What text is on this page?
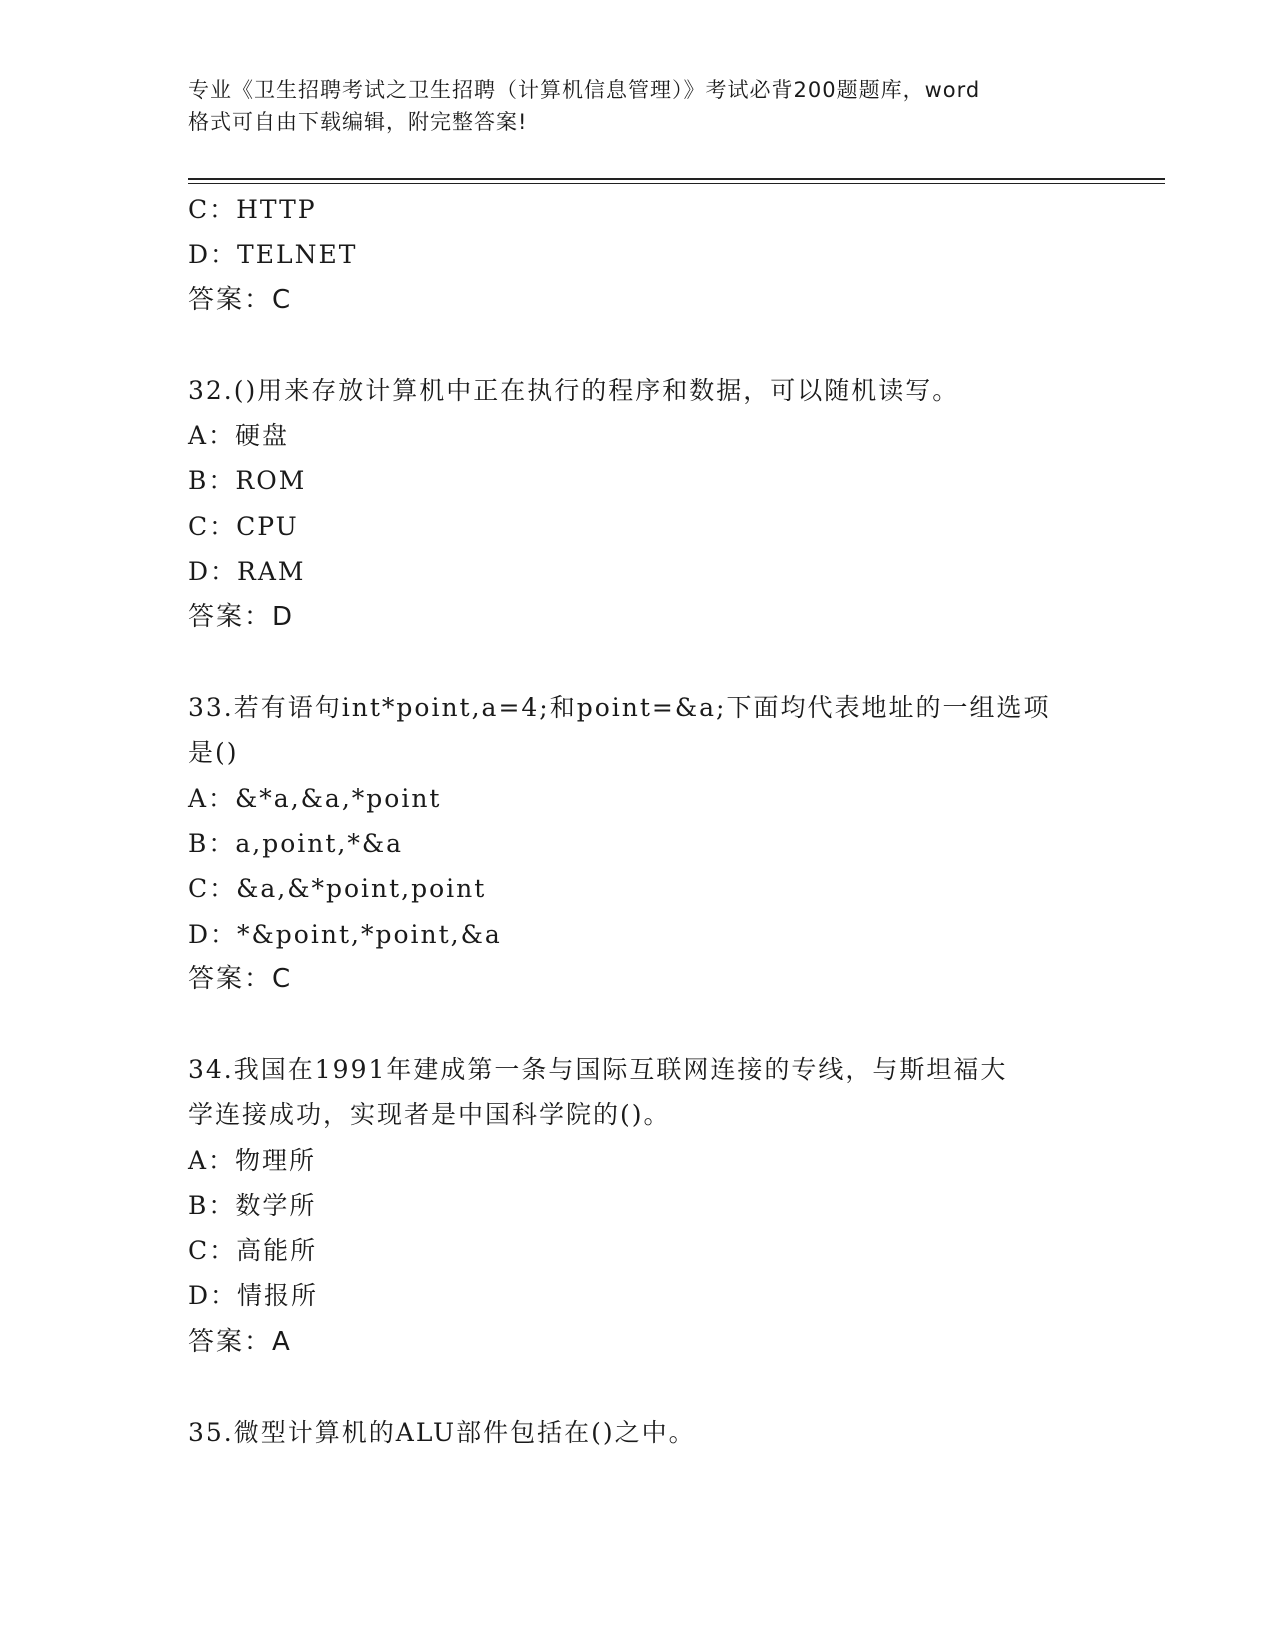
专业《卫生招聘考试之卫生招聘（计算机信息管理）》考试必背200题题库，word
格式可自由下载编辑，附完整答案!
C：HTTP
D：TELNET
答案：C
32.()用来存放计算机中正在执行的程序和数据，可以随机读写。
A：硬盘
B：ROM
C：CPU
D：RAM
答案：D
33.若有语句int*point,a=4;和point=&a;下面均代表地址的一组选项
是()
A：&*a,&a,*point
B：a,point,*&a
C：&a,&*point,point
D：*&point,*point,&a
答案：C
34.我国在1991年建成第一条与国际互联网连接的专线，与斯坦福大
学连接成功，实现者是中国科学院的()。
A：物理所
B：数学所
C：高能所
D：情报所
答案：A
35.微型计算机的ALU部件包括在()之中。
